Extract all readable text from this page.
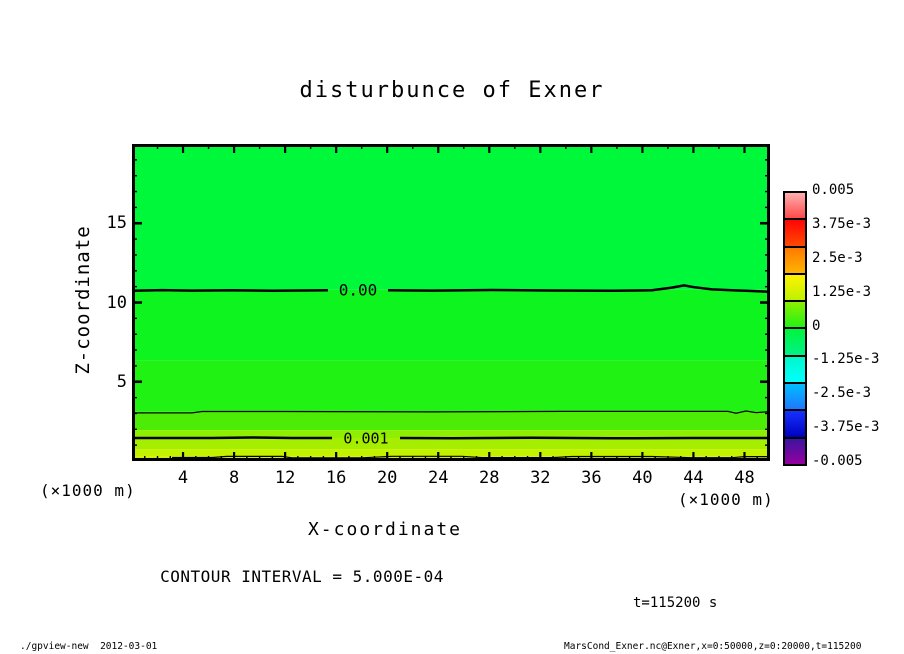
disturbunce of Exner
0.00
0.001
4	8	12	16	20	24	28	32	36	40	44	48
15
10
5
Z-coordinate
(×1000 m)
X-coordinate
(×1000 m)
0.005
3.75e-3
2.5e-3
1.25e-3
0
-1.25e-3
-2.5e-3
-3.75e-3
-0.005
CONTOUR INTERVAL = 5.000E-04
t=115200 s
./gpview-new  2012-03-01	MarsCond_Exner.nc@Exner,x=0:50000,z=0:20000,t=115200
